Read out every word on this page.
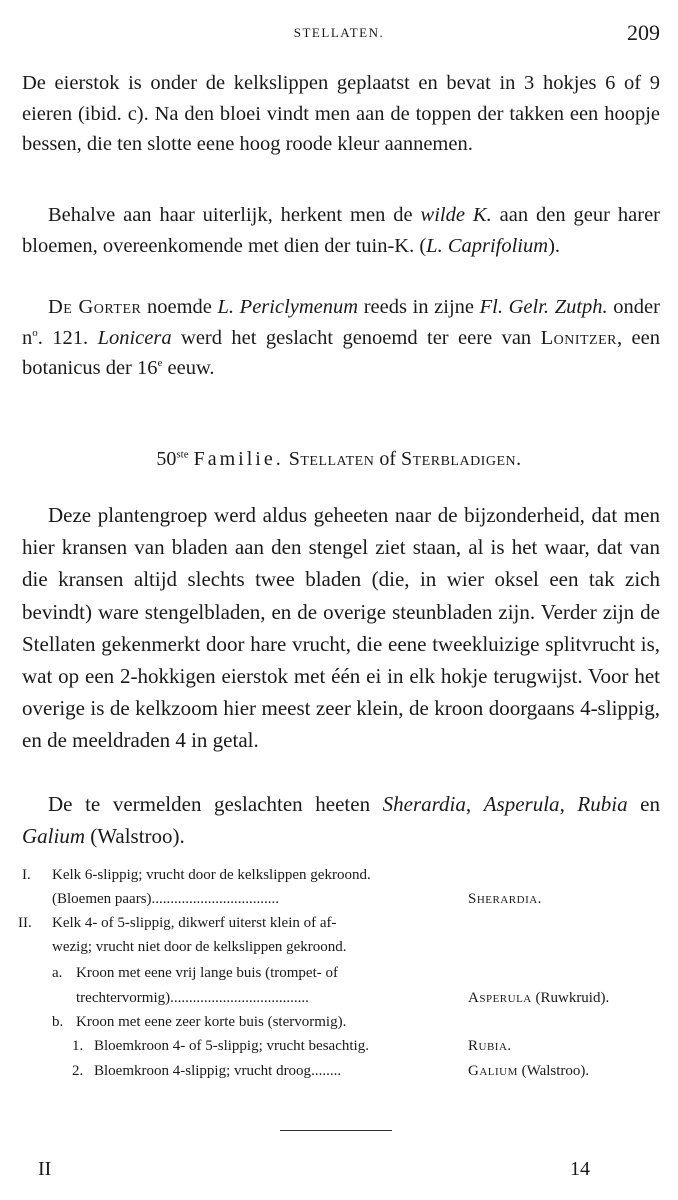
STELLATEN.	209

De eierstok is onder de kelkslippen geplaatst en bevat in 3 hokjes 6 of 9 eieren (ibid. c). Na den bloei vindt men aan de toppen der takken een hoopje bessen, die ten slotte eene hoog roode kleur aannemen.

Behalve aan haar uiterlijk, herkent men de wilde K. aan den geur harer bloemen, overeenkomende met dien der tuin-K. (L. Caprifolium).

De Gorter noemde L. Periclymenum reeds in zijne Fl. Gelr. Zutph. onder $n^o$. 121. Lonicera werd het geslacht genoemd ter eere van Lonitzer, een botanicus der 16e eeuw.

50ste Familie. Stellaten of Sterbladigen.

Deze plantengroep werd aldus geheeten naar de bijzonderheid, dat men hier kransen van bladen aan den stengel ziet staan, al is het waar, dat van die kransen altijd slechts twee bladen (die, in wier oksel een tak zich bevindt) ware stengelbladen, en de overige steunbladen zijn. Verder zijn de Stellaten gekenmerkt door hare vrucht, die eene tweekluizige splitvrucht is, wat op een 2-hokkigen eierstok met één ei in elk hokje terugwijst. Voor het overige is de kelkzoom hier meest zeer klein, de kroon doorgaans 4-slippig, en de meeldraden 4 in getal.

De te vermelden geslachten heeten Sherardia, Asperula, Rubia en Galium (Walstroo).

I. Kelk 6-slippig; vrucht door de kelkslippen gekroond.
(Bloemen paars)..................................	Sherardia.
II. Kelk 4- of 5-slippig, dikwerf uiterst klein of af-
wezig; vrucht niet door de kelkslippen gekroond.
a. Kroon met eene vrij lange buis (trompet- of
trechtervormig).....................................	Asperula (Ruwkruid).
b. Kroon met eene zeer korte buis (stervormig).
1. Bloemkroon 4- of 5-slippig; vrucht besachtig.	Rubia.
2. Bloemkroon 4-slippig; vrucht droog........	Galium (Walstroo).
II	14
